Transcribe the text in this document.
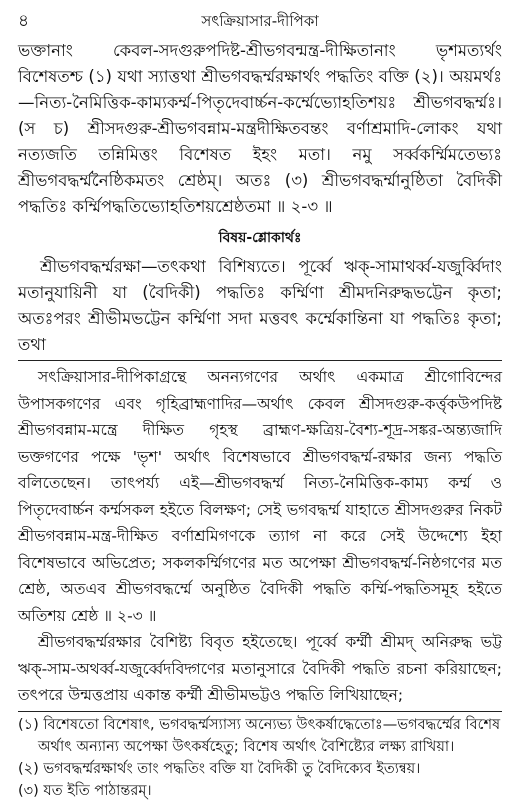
৪	সৎক্রিয়াসার-দীপিকা

ভক্তানাং কেবল-সদগুরুপদিষ্ট-শ্রীভগবন্মন্ত্র-দীক্ষিতানাং ভৃশমত্যর্থং বিশেষতশ্চ (১) যথা স্যাত্তথা শ্রীভগবদ্ধর্ম্মরক্ষার্থং পদ্ধতিং বক্তি (২)। অয়মর্থঃ—নিত্য-নৈমিত্তিক-কাম্যকর্ম্ম-পিতৃদেবার্চ্চন-কর্ম্মেভ্যোহতিশয়ঃ শ্রীভগবদ্ধর্ম্মঃ। (স চ) শ্রীসদগুরু-শ্রীভগবন্নাম-মন্ত্রদীক্ষিতবন্তং বর্ণাশ্রমাদি-লোকং যথা নত্যজতি তন্নিমিত্তং বিশেষত ইহং মতা। নমু সর্ব্বকর্ম্মিমতেভ্যঃ শ্রীভগবদ্ধর্ম্মনৈষ্ঠিকমতং শ্রেষ্ঠম্। অতঃ (৩) শ্রীভগবদ্ধর্ম্মানুষ্ঠিতা বৈদিকী পদ্ধতিঃ কর্ম্মিপদ্ধতিভ্যোহতিশয়শ্রেষ্ঠতমা ॥ ২-৩ ॥

বিষয়-শ্লোকার্থঃ

শ্রীভগবদ্ধর্ম্মরক্ষা—তৎকথা বিশিষ্যতে। পূর্ব্বে ঋক্-সামাথর্ব্ব-যজুর্ব্বিদাং মতানুযায়িনী যা (বৈদিকী) পদ্ধতিঃ কর্ম্মিণা শ্রীমদনিরুদ্ধভট্টেন কৃতা; অতঃপরং শ্রীভীমভট্টেন কর্ম্মিণা সদা মত্তবৎ কর্ম্মেকান্তিনা যা পদ্ধতিঃ কৃতা; তথা

সৎক্রিয়াসার-দীপিকাগ্রন্থে অনন্যগণের অর্থাৎ একমাত্র শ্রীগোবিন্দের উপাসকগণের এবং গৃহিব্রাহ্মণাদির—অর্থাৎ কেবল শ্রীসদগুরু-কর্ত্তৃকউপদিষ্ট শ্রীভগবন্নাম-মন্ত্রে দীক্ষিত গৃহস্থ ব্রাহ্মণ-ক্ষত্রিয়-বৈশ্য-শূদ্র-সঙ্কর-অন্ত্যজাদি ভক্তগণের পক্ষে 'ভৃশ' অর্থাৎ বিশেষভাবে শ্রীভগবদ্ধর্ম্ম-রক্ষার জন্য পদ্ধতি বলিতেছেন। তাৎপর্য্য এই—শ্রীভগবদ্ধর্ম্ম নিত্য-নৈমিত্তিক-কাম্য কর্ম্ম ও পিতৃদেবার্চ্চন কর্ম্মসকল হইতে বিলক্ষণ; সেই ভগবদ্ধর্ম্ম যাহাতে শ্রীসদগুরুর নিকট শ্রীভগবন্নাম-মন্ত্র-দীক্ষিত বর্ণাশ্রমিগণকে ত্যাগ না করে সেই উদ্দেশ্যে ইহা বিশেষভাবে অভিপ্রেত; সকলকর্ম্মিগণের মত অপেক্ষা শ্রীভগবদ্ধর্ম্ম-নিষ্ঠগণের মত শ্রেষ্ঠ, অতএব শ্রীভগবদ্ধর্ম্মে অনুষ্ঠিত বৈদিকী পদ্ধতি কর্ম্মি-পদ্ধতিসমূহ হইতে অতিশয় শ্রেষ্ঠ ॥ ২-৩ ॥

শ্রীভগবদ্ধর্ম্মরক্ষার বৈশিষ্ট্য বিবৃত হইতেছে। পূর্ব্বে কর্ম্মী শ্রীমদ্ অনিরুদ্ধ ভট্ট ঋক্-সাম-অথর্ব্ব-যজুর্ব্বেদবিদ্গণের মতানুসারে বৈদিকী পদ্ধতি রচনা করিয়াছেন; তৎপরে উন্মত্তপ্রায় একান্ত কর্ম্মী শ্রীভীমভট্টও পদ্ধতি লিখিয়াছেন;

(১) বিশেষতো বিশেষাৎ, ভগবদ্ধর্ম্মস্যাস্য অন্যেভ্য উৎকর্ষাদ্ধেতোঃ—ভগবদ্ধর্ম্মের বিশেষ

অর্থাৎ অন্যান্য অপেক্ষা উৎকর্ষহেতু; বিশেষ অর্থাৎ বৈশিষ্ট্যের লক্ষ্য রাখিয়া।

(২) ভগবদ্ধর্ম্মরক্ষার্থং তাং পদ্ধতিং বক্তি যা বৈদিকী তু বৈদিক্যেব ইত্যন্বয়।

(৩) যত ইতি পাঠান্তরম্।
